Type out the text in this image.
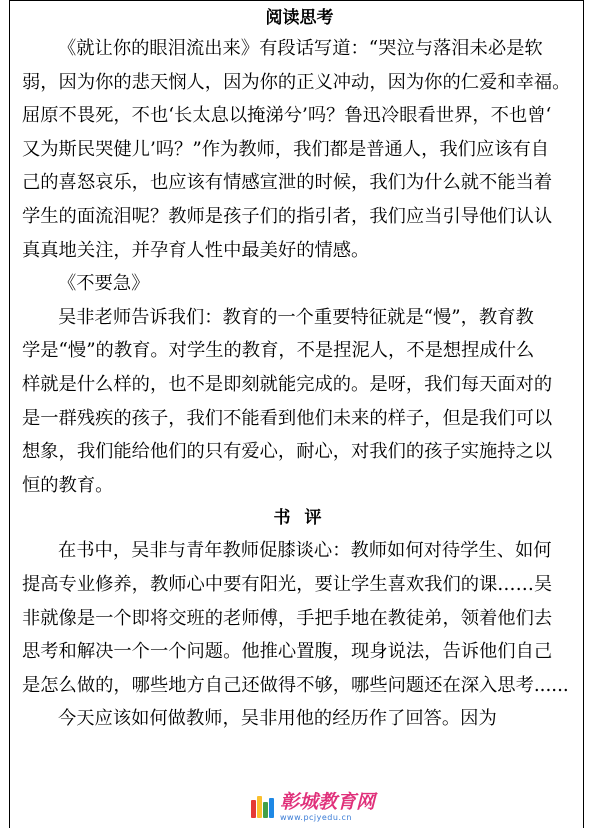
阅读思考
《就让你的眼泪流出来》有段话写道：“哭泣与落泪未必是软
弱，因为你的悲天悯人，因为你的正义冲动，因为你的仁爱和幸福。
屈原不畏死，不也‘长太息以掩涕兮’吗？鲁迅冷眼看世界，不也曾‘
又为斯民哭健儿’吗？”作为教师，我们都是普通人，我们应该有自
己的喜怒哀乐，也应该有情感宣泄的时候，我们为什么就不能当着
学生的面流泪呢？教师是孩子们的指引者，我们应当引导他们认认
真真地关注，并孕育人性中最美好的情感。
《不要急》
吴非老师告诉我们：教育的一个重要特征就是“慢”，教育教
学是“慢”的教育。对学生的教育，不是捏泥人，不是想捏成什么
样就是什么样的，也不是即刻就能完成的。是呀，我们每天面对的
是一群残疾的孩子，我们不能看到他们未来的样子，但是我们可以
想象，我们能给他们的只有爱心，耐心，对我们的孩子实施持之以
恒的教育。
书 评
在书中，吴非与青年教师促膝谈心：教师如何对待学生、如何
提高专业修养，教师心中要有阳光，要让学生喜欢我们的课……吴
非就像是一个即将交班的老师傅，手把手地在教徒弟，领着他们去
思考和解决一个一个问题。他推心置腹，现身说法，告诉他们自己
是怎么做的，哪些地方自己还做得不够，哪些问题还在深入思考......
今天应该如何做教师，吴非用他的经历作了回答。因为
彰城教育网
www.pcjyedu.cn
